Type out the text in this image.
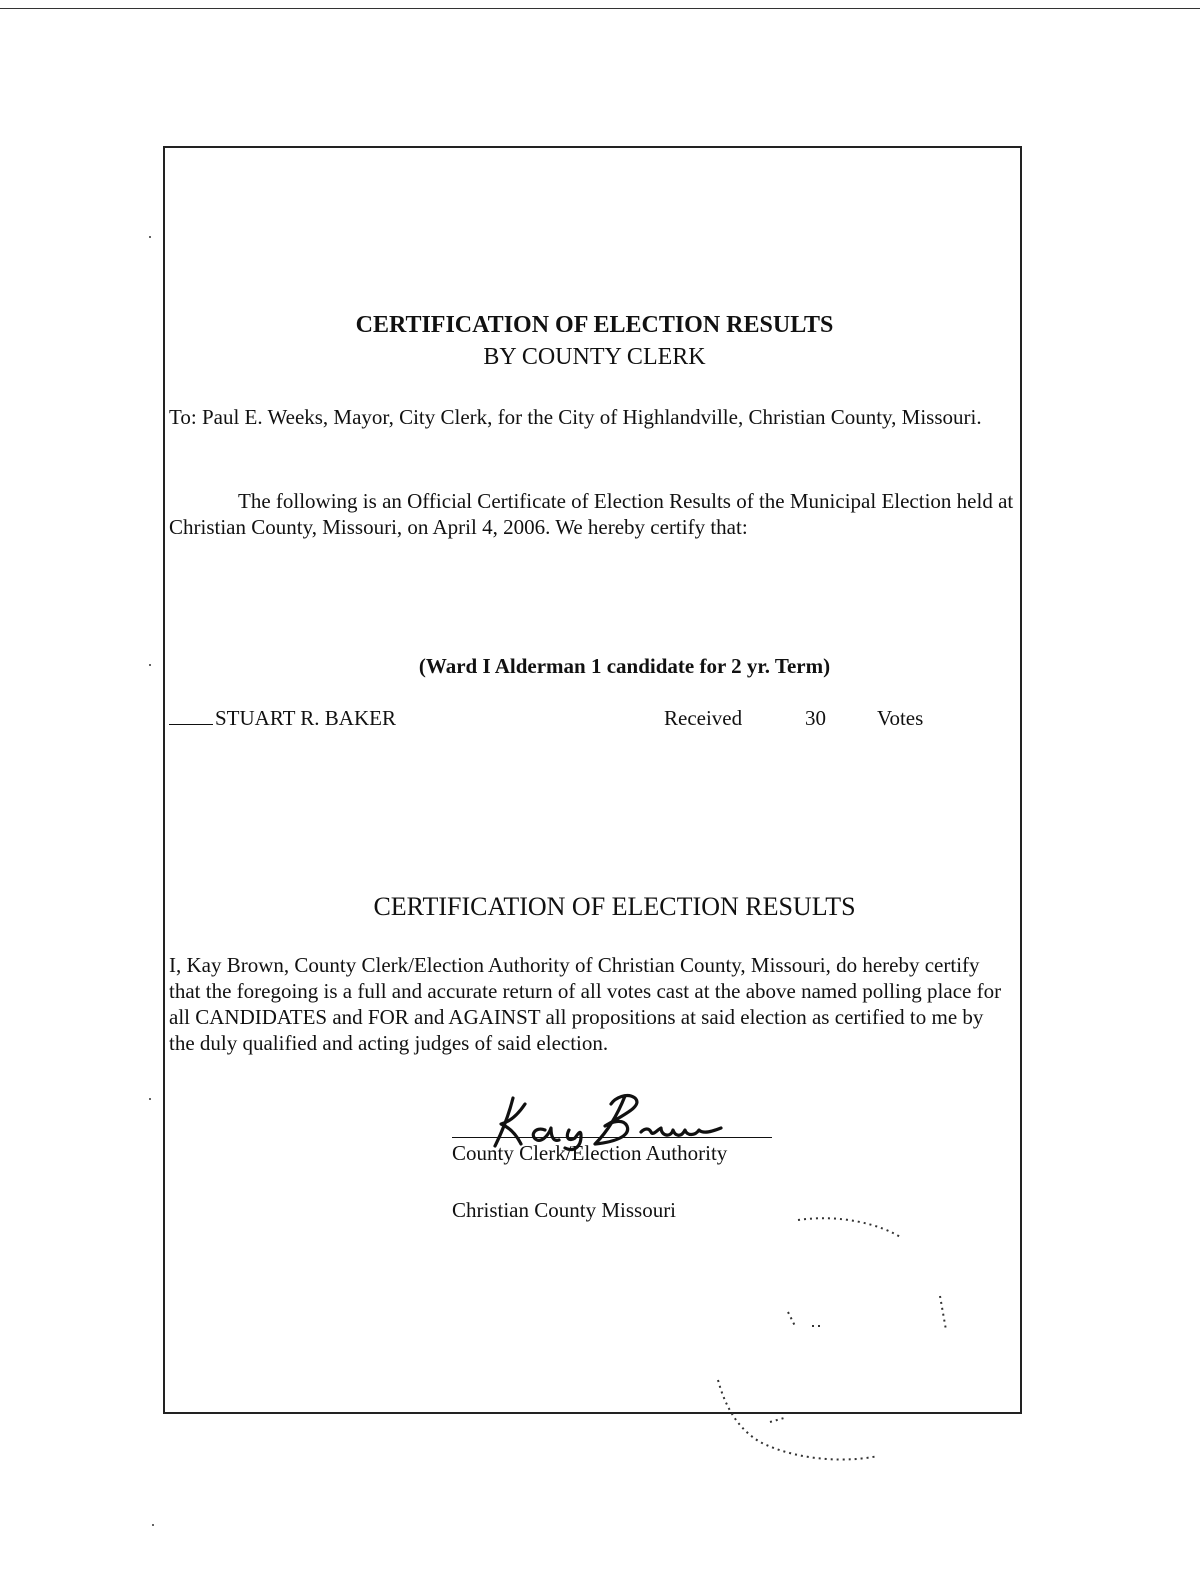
CERTIFICATION OF ELECTION RESULTS
BY COUNTY CLERK
To: Paul E. Weeks, Mayor, City Clerk, for the City of Highlandville, Christian County, Missouri.
The following is an Official Certificate of Election Results of the Municipal Election held at Christian County, Missouri, on April 4, 2006. We hereby certify that:
(Ward I Alderman 1 candidate for 2 yr. Term)
STUART R. BAKER	Received	30 Votes
CERTIFICATION OF ELECTION RESULTS
I, Kay Brown, County Clerk/Election Authority of Christian County, Missouri, do hereby certify that the foregoing is a full and accurate return of all votes cast at the above named polling place for all CANDIDATES and FOR and AGAINST all propositions at said election as certified to me by the duly qualified and acting judges of said election.
County Clerk/Election Authority
Christian County Missouri
